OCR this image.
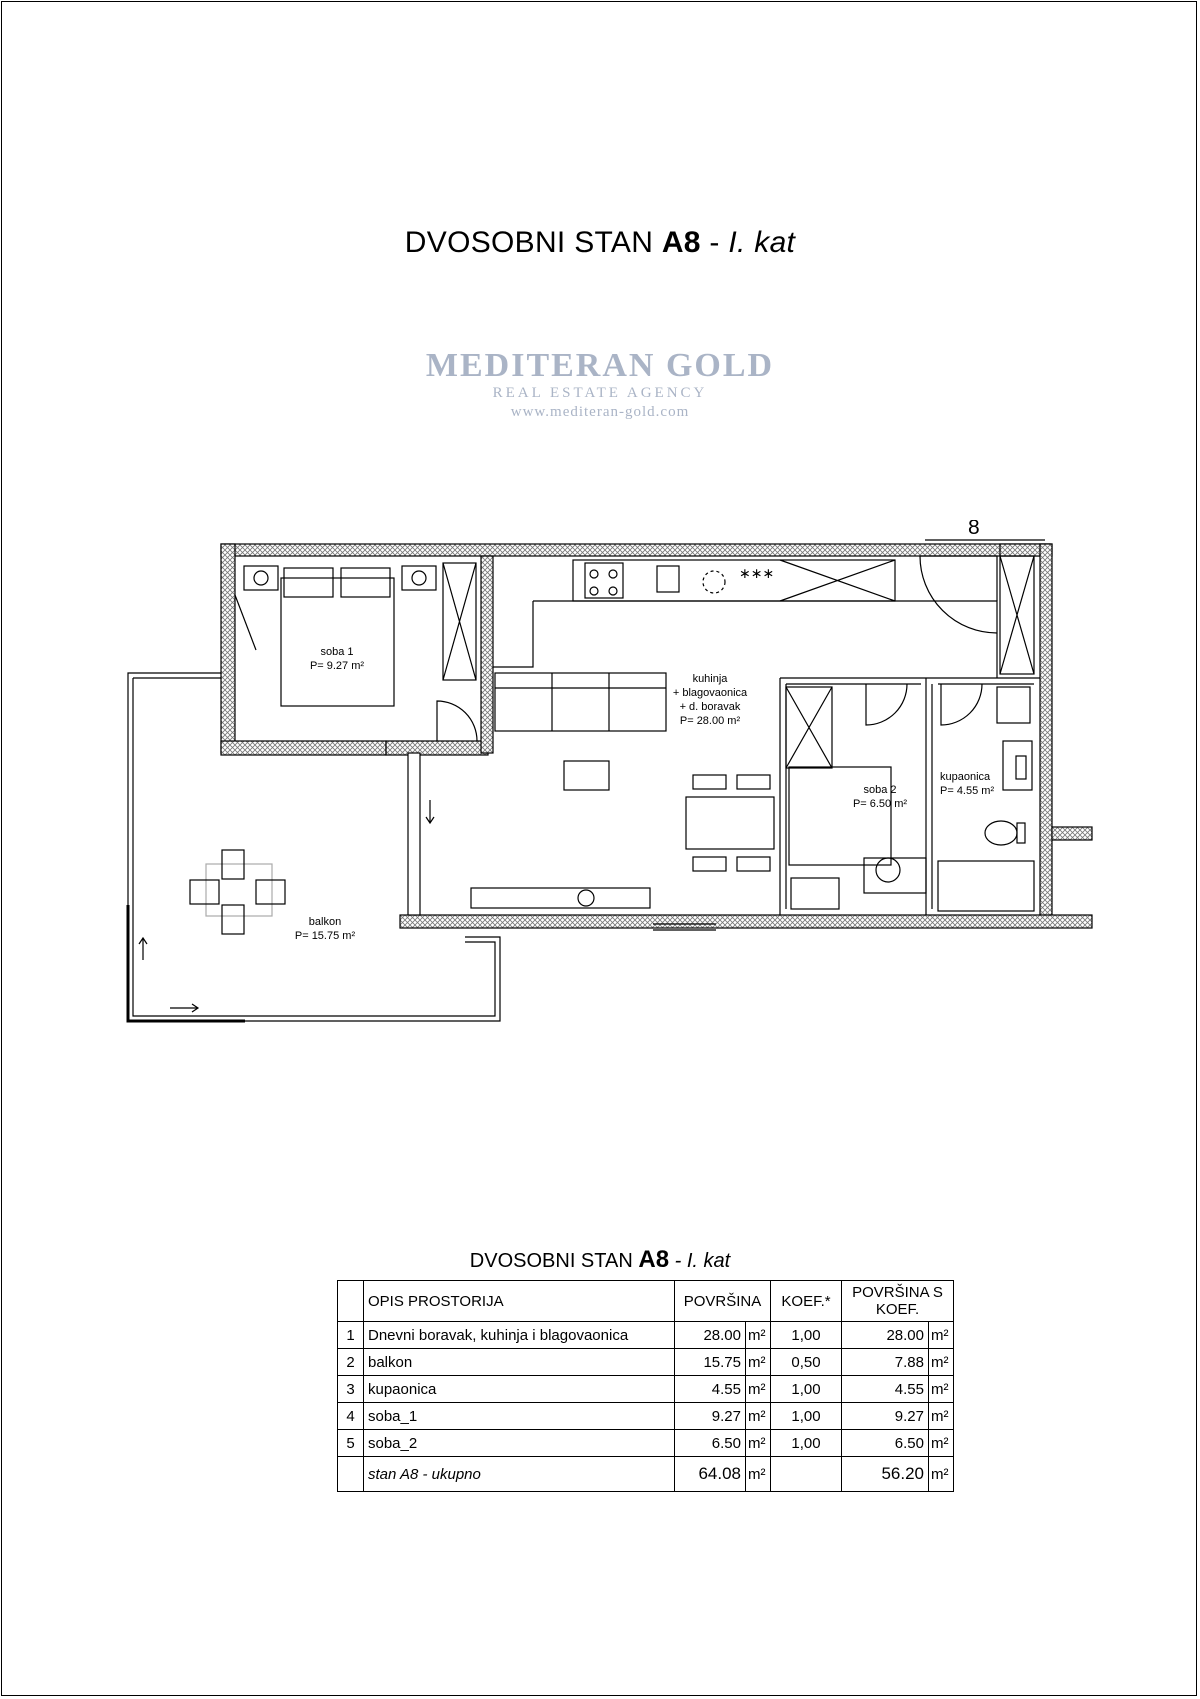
DVOSOBNI STAN A8 - I. kat
MEDITERAN GOLD
REAL ESTATE AGENCY
www.mediteran-gold.com
∗∗∗
8
soba 1
P= 9.27 m²
kuhinja
+ blagovaonica
+ d. boravak
P= 28.00 m²
soba 2
P= 6.50 m²
kupaonica
P= 4.55 m²
balkon
P= 15.75 m²
DVOSOBNI STAN A8 - I. kat
	OPIS PROSTORIJA	POVRŠINA		KOEF.*	POVRŠINA S KOEF.	
1	Dnevni boravak, kuhinja i blagovaonica	28.00	m²	1,00	28.00	m²
2	balkon	15.75	m²	0,50	7.88	m²
3	kupaonica	4.55	m²	1,00	4.55	m²
4	soba_1	9.27	m²	1,00	9.27	m²
5	soba_2	6.50	m²	1,00	6.50	m²
	stan A8 - ukupno	64.08	m²		56.20	m²
